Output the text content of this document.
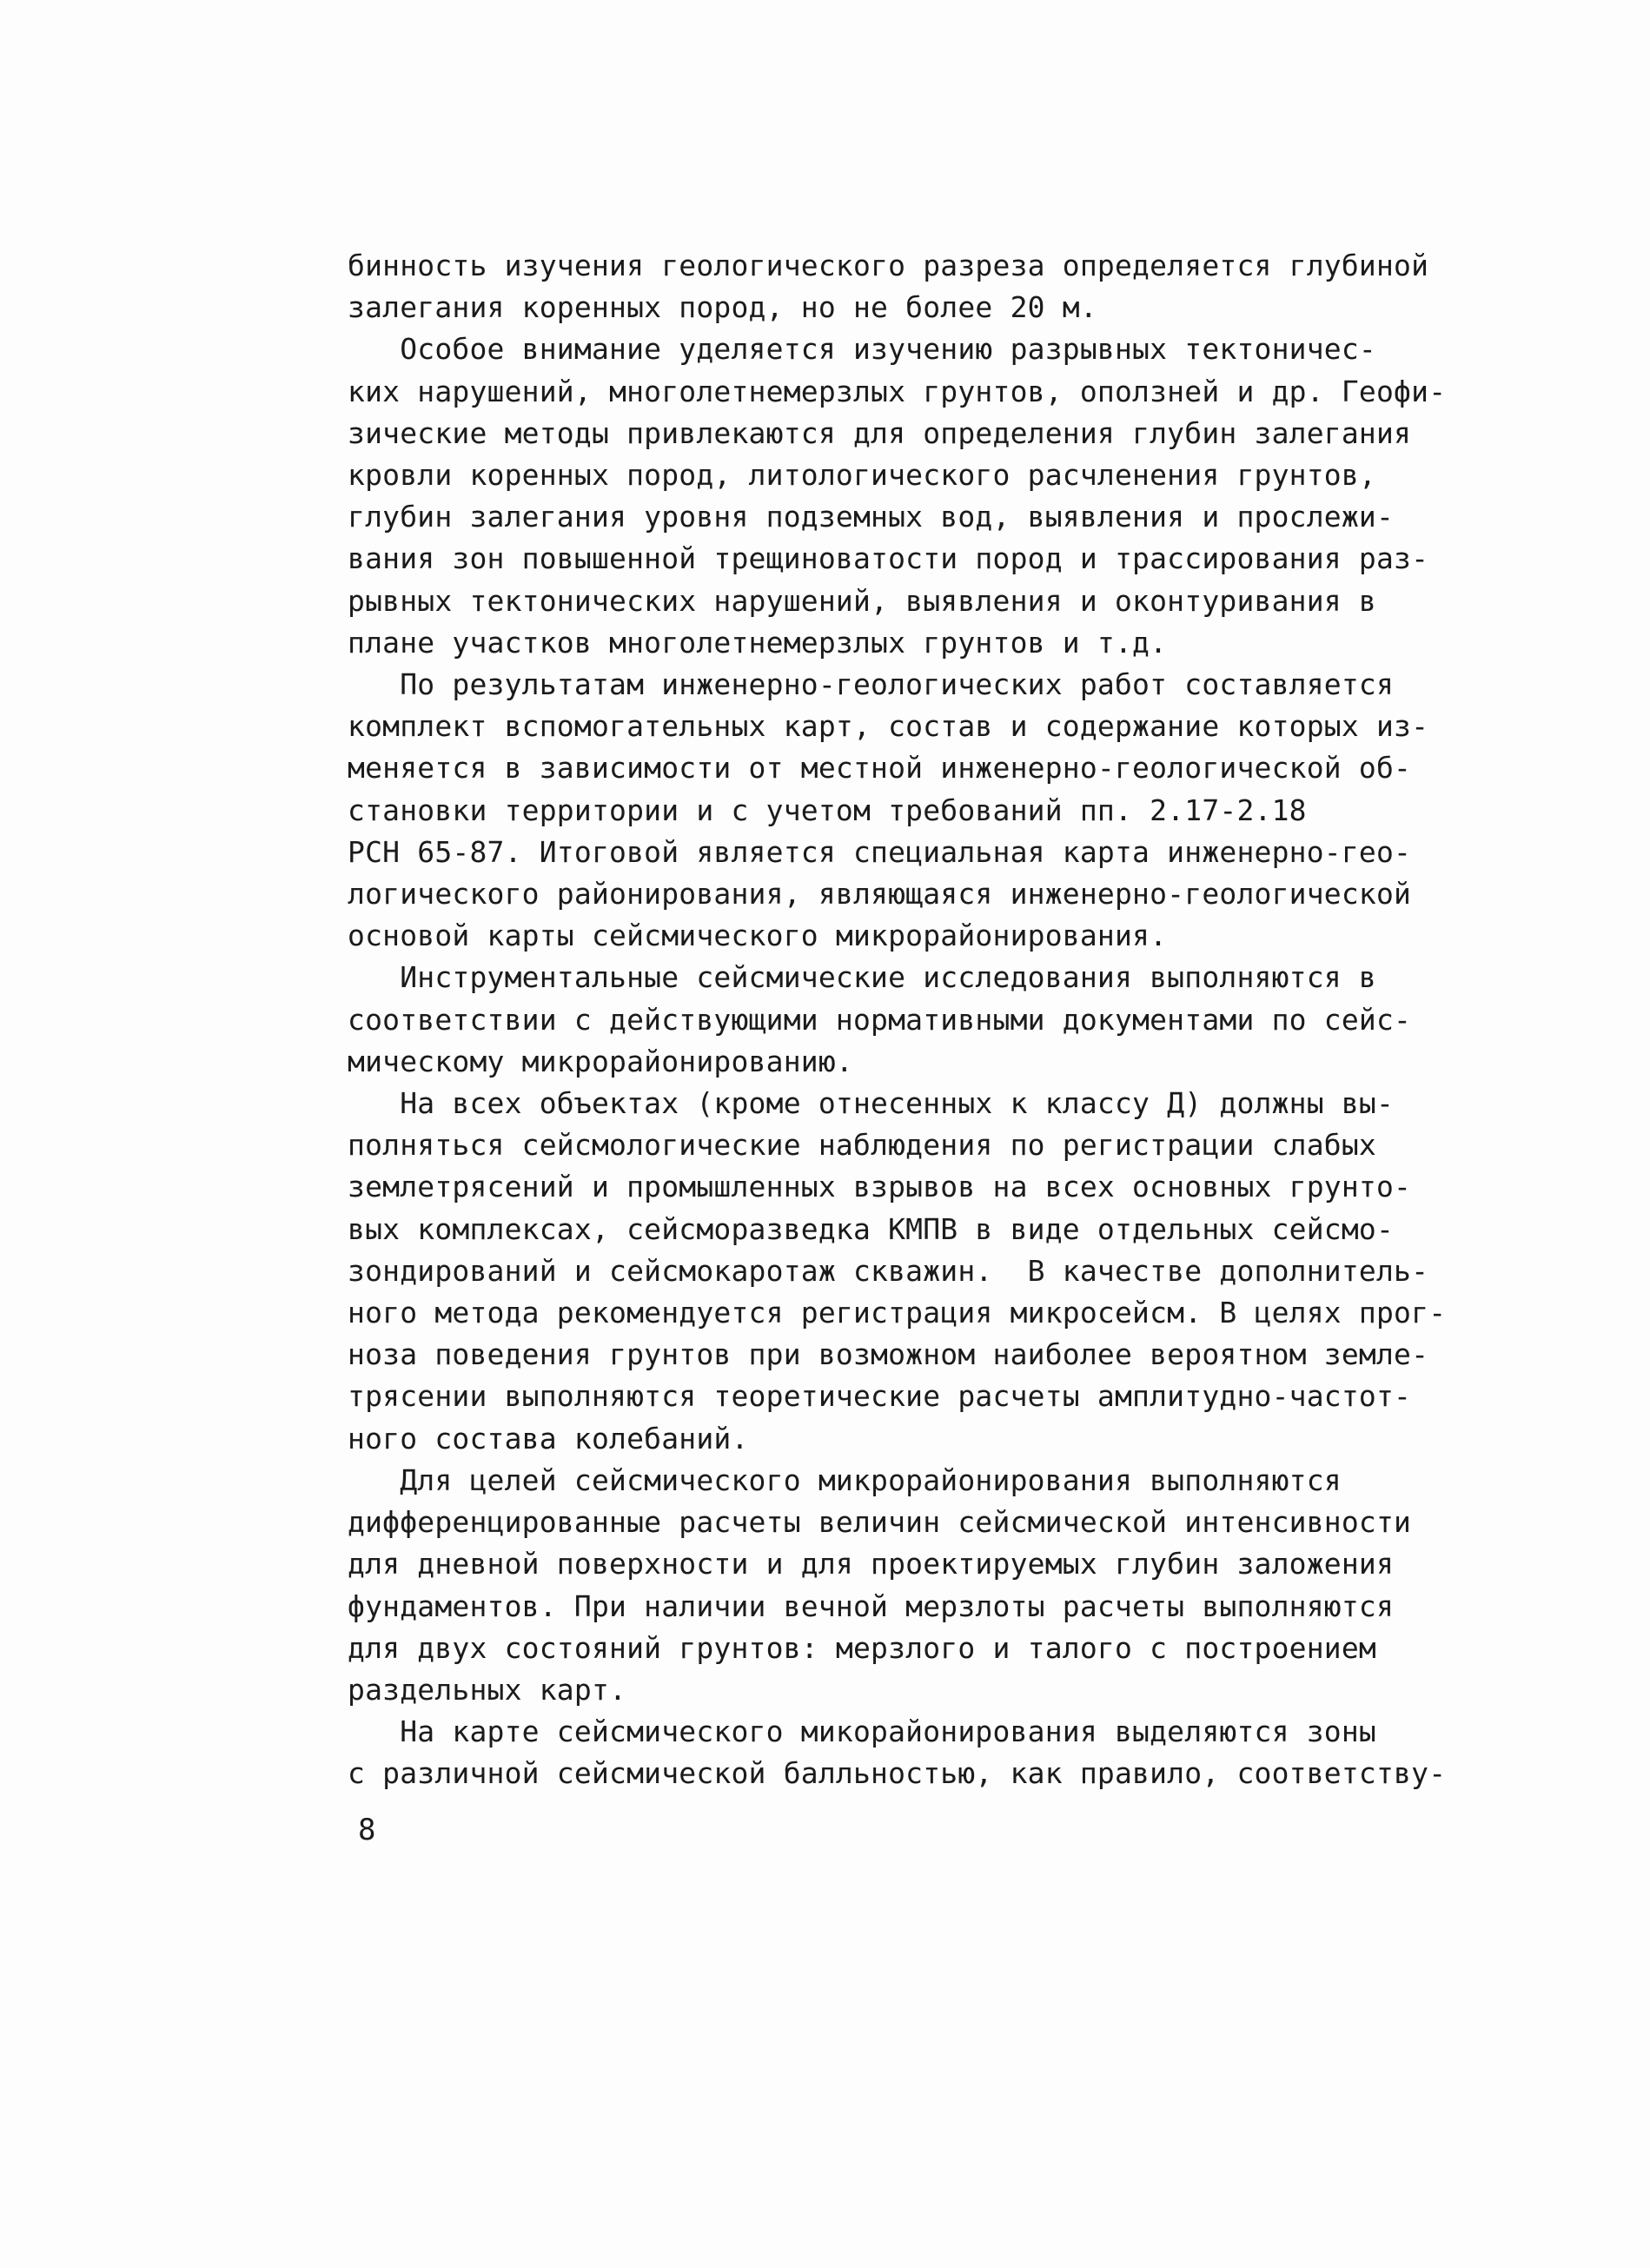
бинность изучения геологического разреза определяется глубиной
залегания коренных пород, но не более 20 м.
Особое внимание уделяется изучению разрывных тектоничес-
ких нарушений, многолетнемерзлых грунтов, оползней и др. Геофи-
зические методы привлекаются для определения глубин залегания
кровли коренных пород, литологического расчленения грунтов,
глубин залегания уровня подземных вод, выявления и прослежи-
вания зон повышенной трещиноватости пород и трассирования раз-
рывных тектонических нарушений, выявления и оконтуривания в
плане участков многолетнемерзлых грунтов и т.д.
По результатам инженерно-геологических работ составляется
комплект вспомогательных карт, состав и содержание которых из-
меняется в зависимости от местной инженерно-геологической об-
становки территории и с учетом требований пп. 2.17-2.18
РСН 65-87. Итоговой является специальная карта инженерно-гео-
логического районирования, являющаяся инженерно-геологической
основой карты сейсмического микрорайонирования.
Инструментальные сейсмические исследования выполняются в
соответствии с действующими нормативными документами по сейс-
мическому микрорайонированию.
На всех объектах (кроме отнесенных к классу Д) должны вы-
полняться сейсмологические наблюдения по регистрации слабых
землетрясений и промышленных взрывов на всех основных грунто-
вых комплексах, сейсморазведка КМПВ в виде отдельных сейсмо-
зондирований и сейсмокаротаж скважин.  В качестве дополнитель-
ного метода рекомендуется регистрация микросейсм. В целях прог-
ноза поведения грунтов при возможном наиболее вероятном земле-
трясении выполняются теоретические расчеты амплитудно-частот-
ного состава колебаний.
Для целей сейсмического микрорайонирования выполняются
дифференцированные расчеты величин сейсмической интенсивности
для дневной поверхности и для проектируемых глубин заложения
фундаментов. При наличии вечной мерзлоты расчеты выполняются
для двух состояний грунтов: мерзлого и талого с построением
раздельных карт.
На карте сейсмического микорайонирования выделяются зоны
с различной сейсмической балльностью, как правило, соответству-
8
